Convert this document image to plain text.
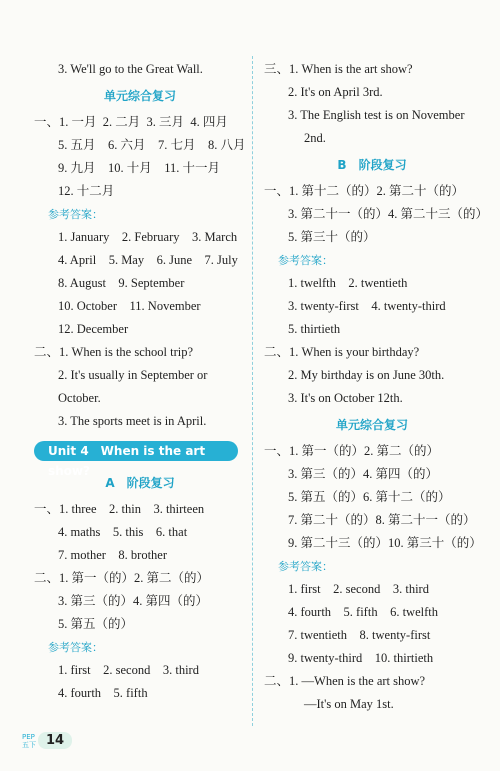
3. We'll go to the Great Wall.
单元综合复习
一、1. 一月 2. 二月 3. 三月 4. 四月
5. 五月　6. 六月　7. 七月　8. 八月
9. 九月　10. 十月　11. 十一月
12. 十二月
参考答案：
1. January　2. February　3. March
4. April　5. May　6. June　7. July
8. August　9. September
10. October　11. November
12. December
二、1. When is the school trip?
2. It's usually in September or
October.
3. The sports meet is in April.
Unit 4　When is the art show?
A　阶段复习
一、1. three　2. thin　3. thirteen
4. maths　5. this　6. that
7. mother　8. brother
二、1. 第一（的）2. 第二（的）
3. 第三（的）4. 第四（的）
5. 第五（的）
参考答案：
1. first　2. second　3. third
4. fourth　5. fifth
三、1. When is the art show?
2. It's on April 3rd.
3. The English test is on November
2nd.
B　阶段复习
一、1. 第十二（的）2. 第二十（的）
3. 第二十一（的）4. 第二十三（的）
5. 第三十（的）
参考答案：
1. twelfth　2. twentieth
3. twenty-first　4. twenty-third
5. thirtieth
二、1. When is your birthday?
2. My birthday is on June 30th.
3. It's on October 12th.
单元综合复习
一、1. 第一（的）2. 第二（的）
3. 第三（的）4. 第四（的）
5. 第五（的）6. 第十二（的）
7. 第二十（的）8. 第二十一（的）
9. 第二十三（的）10. 第三十（的）
参考答案：
1. first　2. second　3. third
4. fourth　5. fifth　6. twelfth
7. twentieth　8. twenty-first
9. twenty-third　10. thirtieth
二、1. —When is the art show?
—It's on May 1st.
PEP
五下 14
